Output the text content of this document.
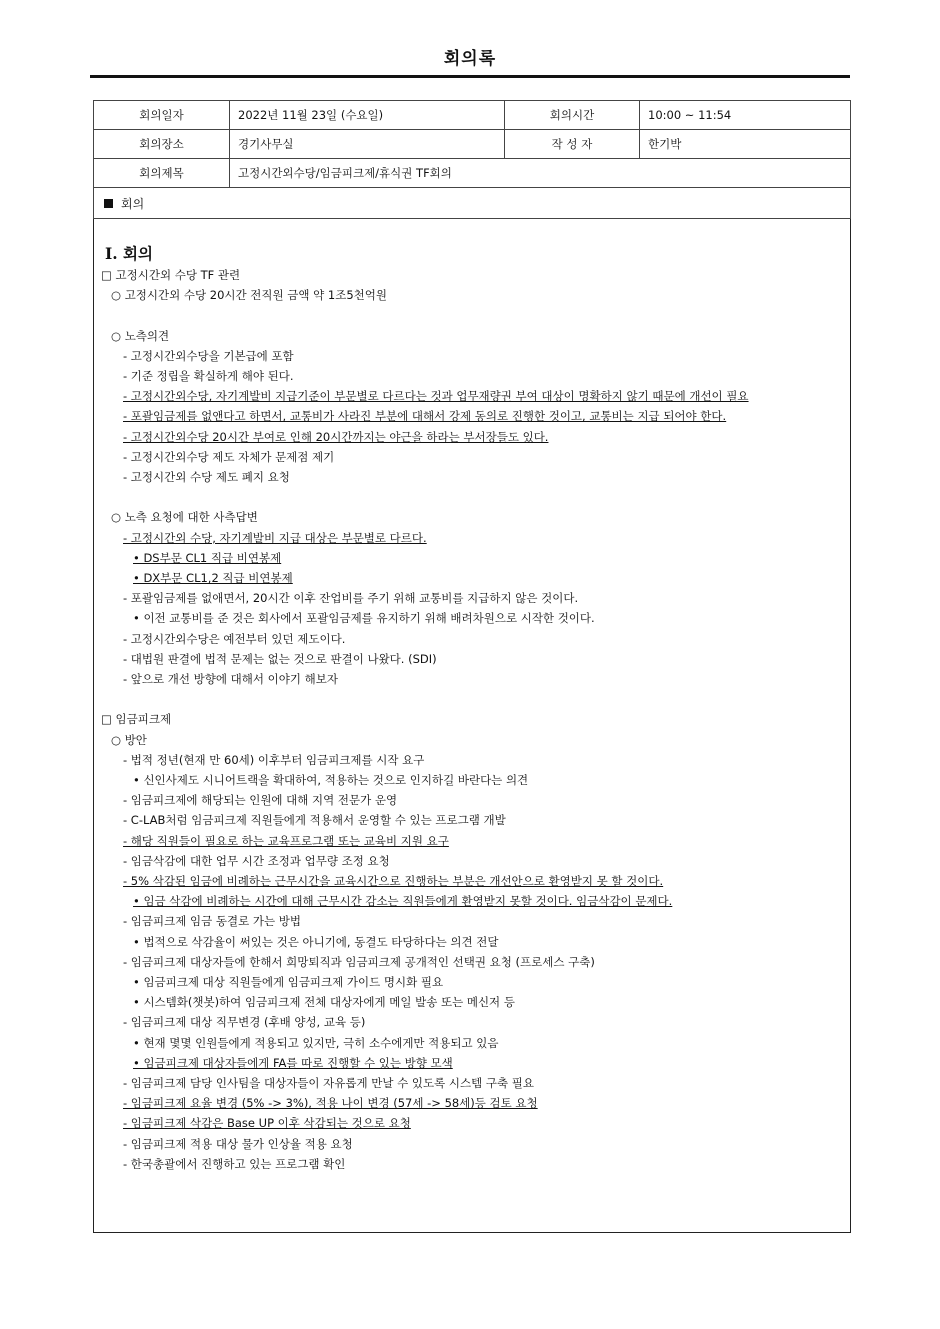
회의록
회의일자	2022년 11월 23일 (수요일)	회의시간	10:00 ~ 11:54
회의장소	경기사무실	작 성 자	한기박
회의제목	고정시간외수당/임금피크제/휴식권 TF회의		
회의
Ⅰ. 회의
□ 고정시간외 수당 TF 관련
○ 고정시간외 수당 20시간 전직원 금액 약 1조5천억원
○ 노측의견
- 고정시간외수당을 기본급에 포함
- 기준 정립을 확실하게 해야 된다.
- 고정시간외수당, 자기계발비 지급기준이 부문별로 다르다는 것과 업무재량권 부여 대상이 명확하지 않기 때문에 개선이 필요
- 포괄임금제를 없앤다고 하면서, 교통비가 사라진 부분에 대해서 강제 동의로 진행한 것이고, 교통비는 지급 되어야 한다.
- 고정시간외수당 20시간 부여로 인해 20시간까지는 야근을 하라는 부서장들도 있다.
- 고정시간외수당 제도 자체가 문제점 제기
- 고정시간외 수당 제도 폐지 요청
○ 노측 요청에 대한 사측답변
- 고정시간외 수당, 자기계발비 지급 대상은 부문별로 다르다.
• DS부문 CL1 직급 비연봉제
• DX부문 CL1,2 직급 비연봉제
- 포괄임금제를 없애면서, 20시간 이후 잔업비를 주기 위해 교통비를 지급하지 않은 것이다.
• 이전 교통비를 준 것은 회사에서 포괄임금제를 유지하기 위해 배려차원으로 시작한 것이다.
- 고정시간외수당은 예전부터 있던 제도이다.
- 대법원 판결에 법적 문제는 없는 것으로 판결이 나왔다. (SDI)
- 앞으로 개선 방향에 대해서 이야기 해보자
□ 임금피크제
○ 방안
- 법적 정년(현재 만 60세) 이후부터 임금피크제를 시작 요구
• 신인사제도 시니어트랙을 확대하여, 적용하는 것으로 인지하길 바란다는 의견
- 임금피크제에 해당되는 인원에 대해 지역 전문가 운영
- C-LAB처럼 임금피크제 직원들에게 적용해서 운영할 수 있는 프로그램 개발
- 해당 직원들이 필요로 하는 교육프로그램 또는 교육비 지원 요구
- 임금삭감에 대한 업무 시간 조정과 업무량 조정 요청
- 5% 삭감된 임금에 비례하는 근무시간을 교육시간으로 진행하는 부분은 개선안으로 환영받지 못 할 것이다.
• 임금 삭감에 비례하는 시간에 대해 근무시간 감소는 직원들에게 환영받지 못할 것이다. 임금삭감이 문제다.
- 임금피크제 임금 동결로 가는 방법
• 법적으로 삭감율이 써있는 것은 아니기에, 동결도 타당하다는 의견 전달
- 임금피크제 대상자들에 한해서 희망퇴직과 임금피크제 공개적인 선택권 요청 (프로세스 구축)
• 임금피크제 대상 직원들에게 임금피크제 가이드 명시화 필요
• 시스템화(챗봇)하여 임금피크제 전체 대상자에게 메일 발송 또는 메신저 등
- 임금피크제 대상 직무변경 (후배 양성, 교육 등)
• 현재 몇몇 인원들에게 적용되고 있지만, 극히 소수에게만 적용되고 있음
• 임금피크제 대상자들에게 FA를 따로 진행할 수 있는 방향 모색
- 임금피크제 담당 인사팀을 대상자들이 자유롭게 만날 수 있도록 시스템 구축 필요
- 임금피크제 요율 변경 (5% -> 3%), 적용 나이 변경 (57세 -> 58세)등 검토 요청
- 임금피크제 삭감은 Base UP 이후 삭감되는 것으로 요청
- 임금피크제 적용 대상 물가 인상율 적용 요청
- 한국총괄에서 진행하고 있는 프로그램 확인
